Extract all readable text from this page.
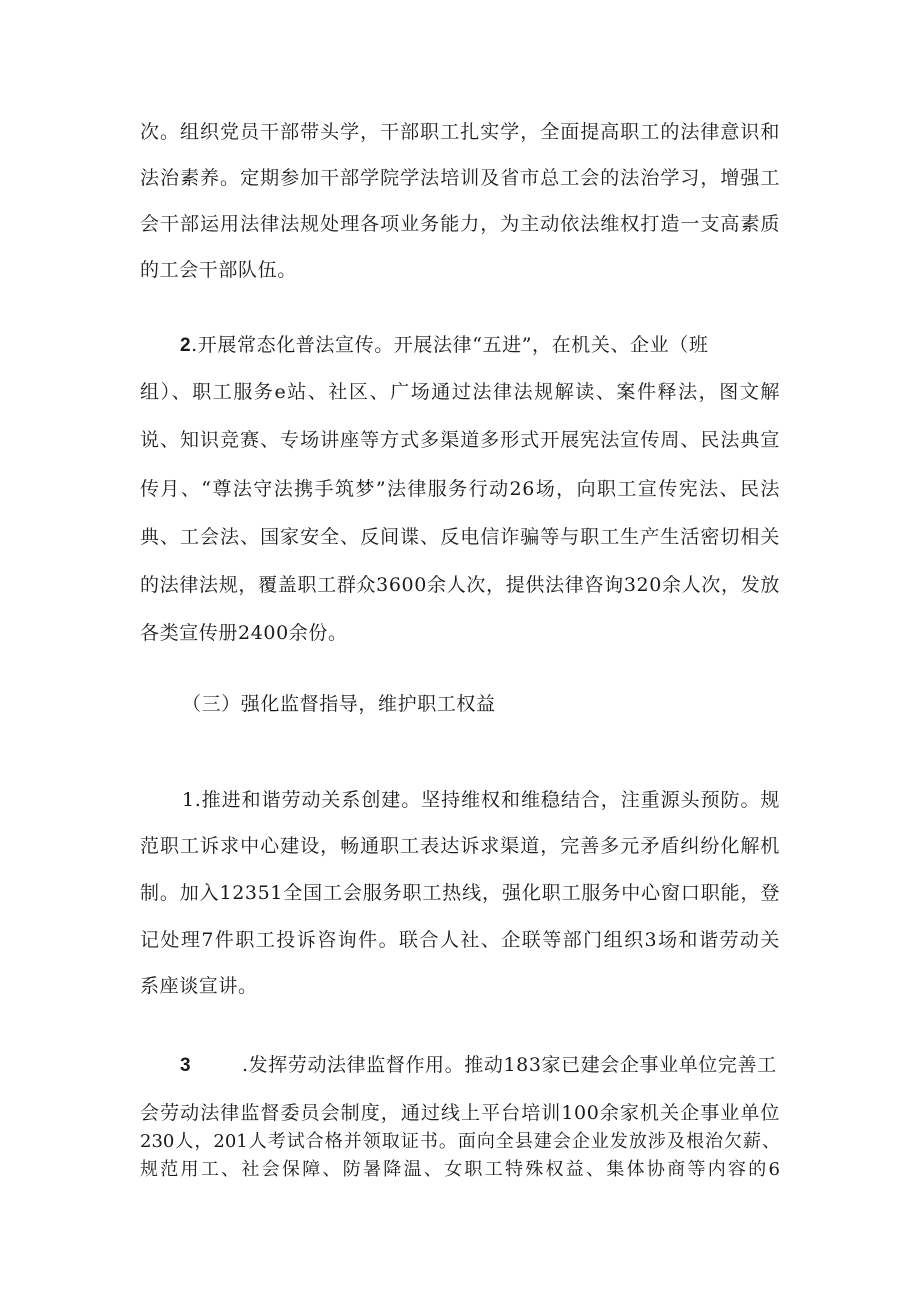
次。组织党员干部带头学，干部职工扎实学，全面提高职工的法律意识和
法治素养。定期参加干部学院学法培训及省市总工会的法治学习，增强工
会干部运用法律法规处理各项业务能力，为主动依法维权打造一支高素质
的工会干部队伍。
2.开展常态化普法宣传。开展法律“五进”，在机关、企业（班
组）、职工服务e站、社区、广场通过法律法规解读、案件释法，图文解
说、知识竞赛、专场讲座等方式多渠道多形式开展宪法宣传周、民法典宣
传月、“尊法守法携手筑梦”法律服务行动26场，向职工宣传宪法、民法
典、工会法、国家安全、反间谍、反电信诈骗等与职工生产生活密切相关
的法律法规，覆盖职工群众3600余人次，提供法律咨询320余人次，发放
各类宣传册2400余份。
（三）强化监督指导，维护职工权益
1.推进和谐劳动关系创建。坚持维权和维稳结合，注重源头预防。规
范职工诉求中心建设，畅通职工表达诉求渠道，完善多元矛盾纠纷化解机
制。加入12351全国工会服务职工热线，强化职工服务中心窗口职能，登
记处理7件职工投诉咨询件。联合人社、企联等部门组织3场和谐劳动关
系座谈宣讲。
3	.发挥劳动法律监督作用。推动183家已建会企事业单位完善工
会劳动法律监督委员会制度，通过线上平台培训100余家机关企事业单位
230人，201人考试合格并领取证书。面向全县建会企业发放涉及根治欠薪、
规范用工、社会保障、防暑降温、女职工特殊权益、集体协商等内容的6
